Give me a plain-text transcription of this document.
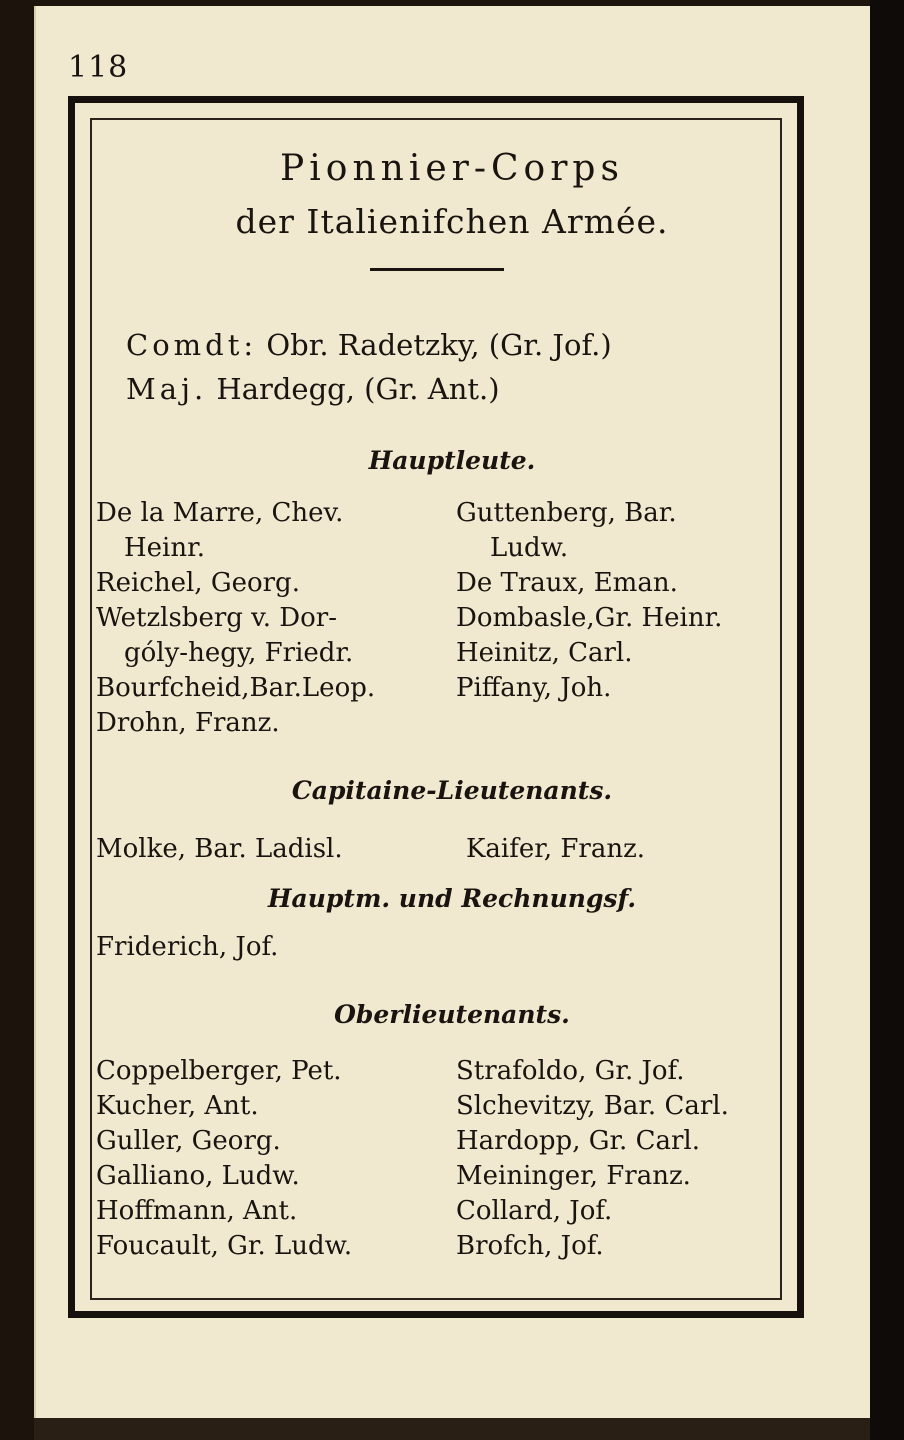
118
Pionnier-Corps
der Italienifchen Armée.
Comdt: Obr. Radetzky, (Gr. Jof.)
Maj. Hardegg, (Gr. Ant.)
Hauptleute.
De la Marre, Chev.
Heinr.
Reichel, Georg.
Wetzlsberg v. Dor-
góly-hegy, Friedr.
Bourfcheid,Bar.Leop.
Drohn, Franz.
Guttenberg, Bar.
Ludw.
De Traux, Eman.
Dombasle,Gr. Heinr.
Heinitz, Carl.
Piffany, Joh.
Capitaine-Lieutenants.
Molke, Bar. Ladisl.	Kaifer, Franz.
Hauptm. und Rechnungsf.
Friderich, Jof.
Oberlieutenants.
Coppelberger, Pet.
Kucher, Ant.
Guller, Georg.
Galliano, Ludw.
Hoffmann, Ant.
Foucault, Gr. Ludw.
Strafoldo, Gr. Jof.
Slchevitzy, Bar. Carl.
Hardopp, Gr. Carl.
Meininger, Franz.
Collard, Jof.
Brofch, Jof.
